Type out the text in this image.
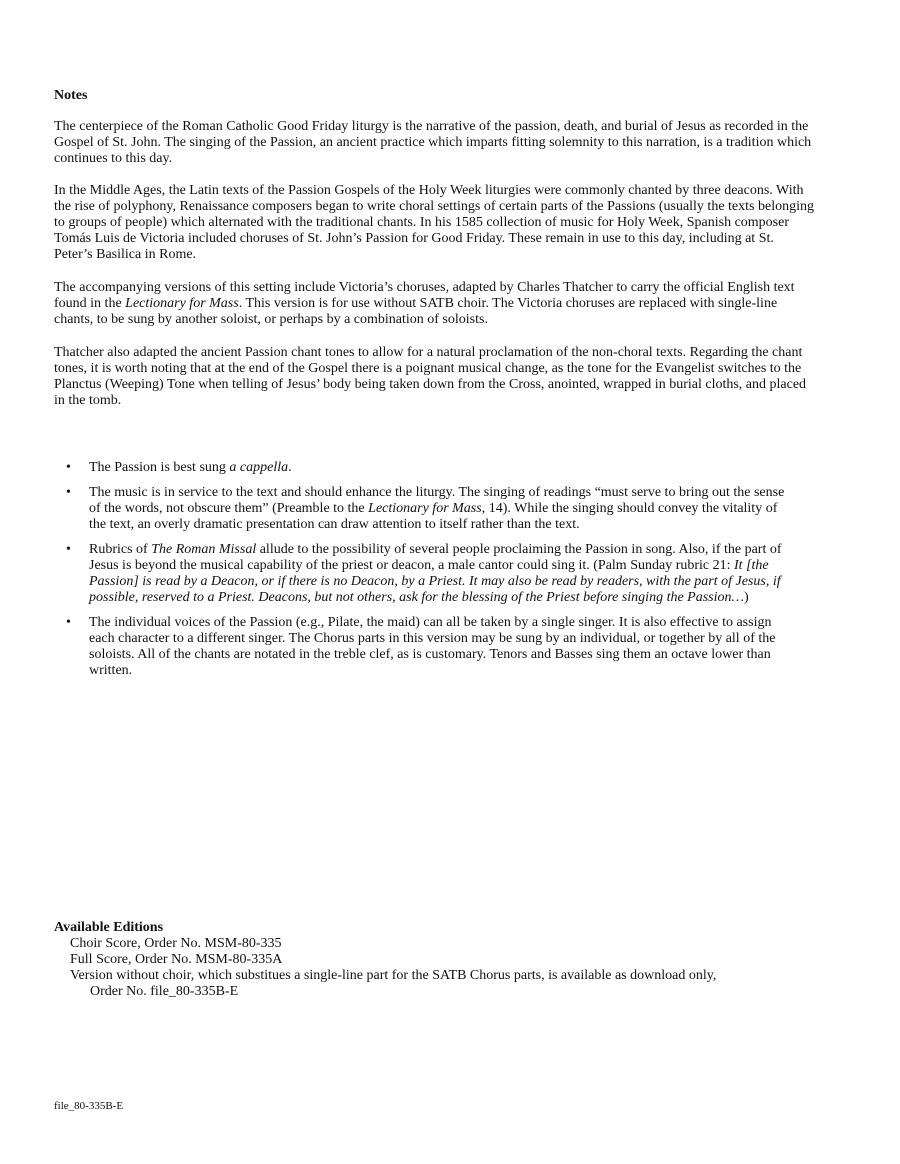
Notes

The centerpiece of the Roman Catholic Good Friday liturgy is the narrative of the passion, death, and burial of Jesus as recorded in the Gospel of St. John. The singing of the Passion, an ancient practice which imparts fitting solemnity to this narration, is a tradition which continues to this day.

In the Middle Ages, the Latin texts of the Passion Gospels of the Holy Week liturgies were commonly chanted by three deacons. With the rise of polyphony, Renaissance composers began to write choral settings of certain parts of the Passions (usually the texts belonging to groups of people) which alternated with the traditional chants. In his 1585 collection of music for Holy Week, Spanish composer Tomás Luis de Victoria included choruses of St. John’s Passion for Good Friday. These remain in use to this day, including at St. Peter’s Basilica in Rome.

The accompanying versions of this setting include Victoria’s choruses, adapted by Charles Thatcher to carry the official English text found in the Lectionary for Mass. This version is for use without SATB choir. The Victoria choruses are replaced with single-line chants, to be sung by another soloist, or perhaps by a combination of soloists.

Thatcher also adapted the ancient Passion chant tones to allow for a natural proclamation of the non-choral texts. Regarding the chant tones, it is worth noting that at the end of the Gospel there is a poignant musical change, as the tone for the Evangelist switches to the Planctus (Weeping) Tone when telling of Jesus’ body being taken down from the Cross, anointed, wrapped in burial cloths, and placed in the tomb.

• The Passion is best sung a cappella.
• The music is in service to the text and should enhance the liturgy. The singing of readings “must serve to bring out the sense of the words, not obscure them” (Preamble to the Lectionary for Mass, 14). While the singing should convey the vitality of the text, an overly dramatic presentation can draw attention to itself rather than the text.
• Rubrics of The Roman Missal allude to the possibility of several people proclaiming the Passion in song. Also, if the part of Jesus is beyond the musical capability of the priest or deacon, a male cantor could sing it. (Palm Sunday rubric 21: It [the Passion] is read by a Deacon, or if there is no Deacon, by a Priest. It may also be read by readers, with the part of Jesus, if possible, reserved to a Priest. Deacons, but not others, ask for the blessing of the Priest before singing the Passion…)
• The individual voices of the Passion (e.g., Pilate, the maid) can all be taken by a single singer. It is also effective to assign each character to a different singer. The Chorus parts in this version may be sung by an individual, or together by all of the soloists. All of the chants are notated in the treble clef, as is customary. Tenors and Basses sing them an octave lower than written.
Available Editions
Choir Score, Order No. MSM-80-335
Full Score, Order No. MSM-80-335A
Version without choir, which substitues a single-line part for the SATB Chorus parts, is available as download only,
Order No. file_80-335B-E
file_80-335B-E
